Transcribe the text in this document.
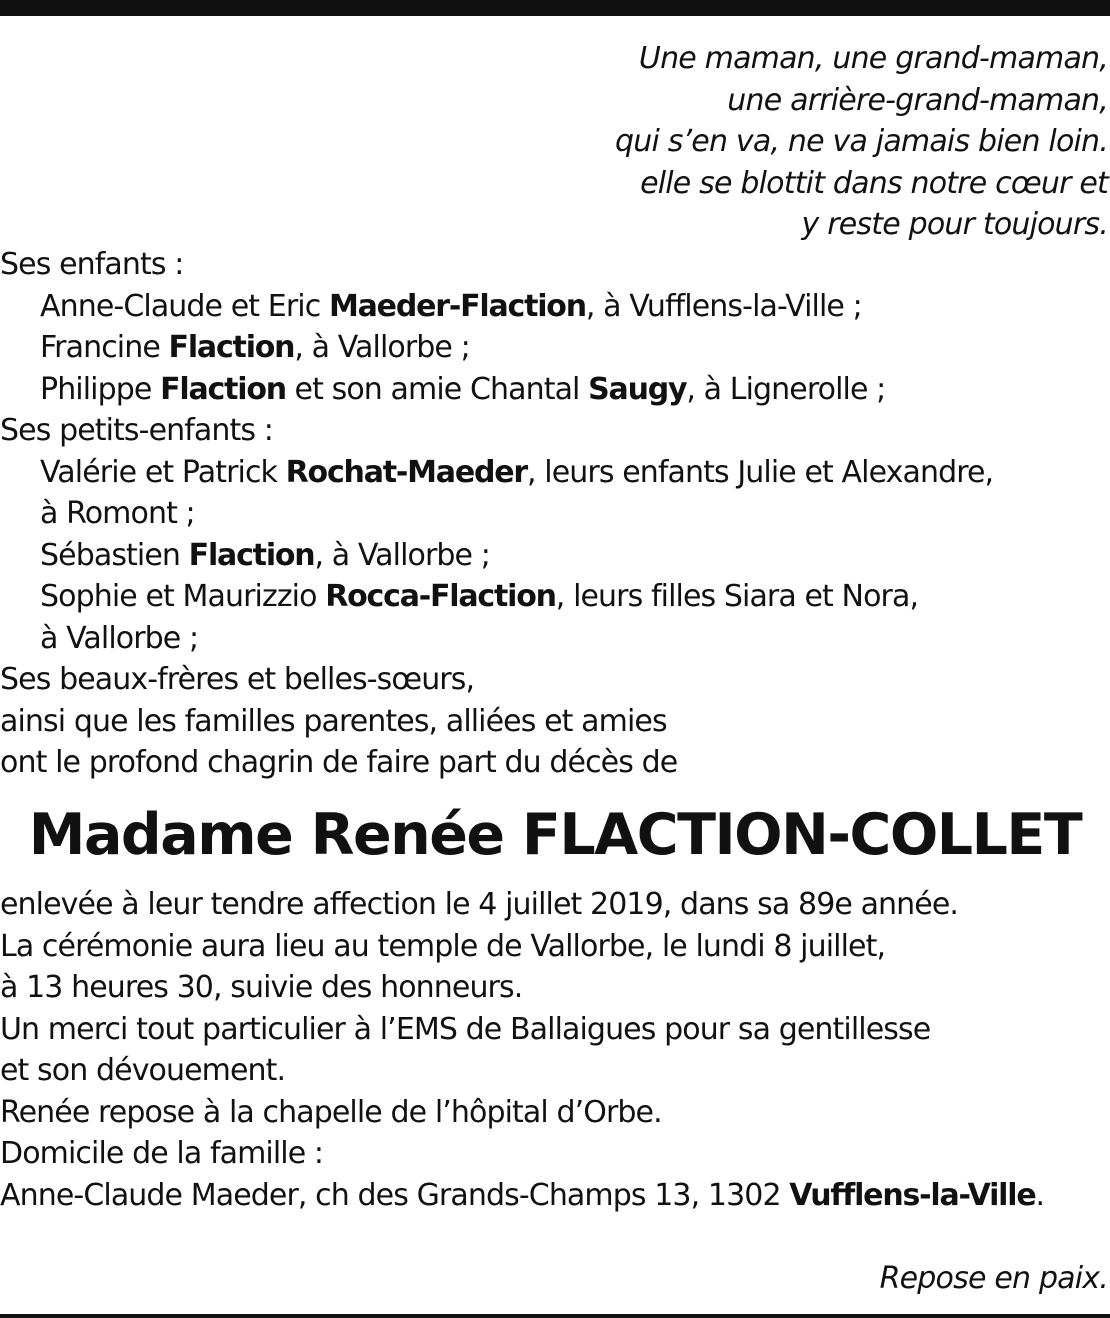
Une maman, une grand-maman,
une arrière-grand-maman,
qui s’en va, ne va jamais bien loin.
elle se blottit dans notre cœur et
y reste pour toujours.
Ses enfants :
Anne-Claude et Eric Maeder-Flaction, à Vufflens-la-Ville ;
Francine Flaction, à Vallorbe ;
Philippe Flaction et son amie Chantal Saugy, à Lignerolle ;
Ses petits-enfants :
Valérie et Patrick Rochat-Maeder, leurs enfants Julie et Alexandre,
à Romont ;
Sébastien Flaction, à Vallorbe ;
Sophie et Maurizzio Rocca-Flaction, leurs filles Siara et Nora,
à Vallorbe ;
Ses beaux-frères et belles-sœurs,
ainsi que les familles parentes, alliées et amies
ont le profond chagrin de faire part du décès de
Madame Renée FLACTION-COLLET
enlevée à leur tendre affection le 4 juillet 2019, dans sa 89e année.
La cérémonie aura lieu au temple de Vallorbe, le lundi 8 juillet,
à 13 heures 30, suivie des honneurs.
Un merci tout particulier à l’EMS de Ballaigues pour sa gentillesse
et son dévouement.
Renée repose à la chapelle de l’hôpital d’Orbe.
Domicile de la famille :
Anne-Claude Maeder, ch des Grands-Champs 13, 1302 Vufflens-la-Ville.
Repose en paix.
